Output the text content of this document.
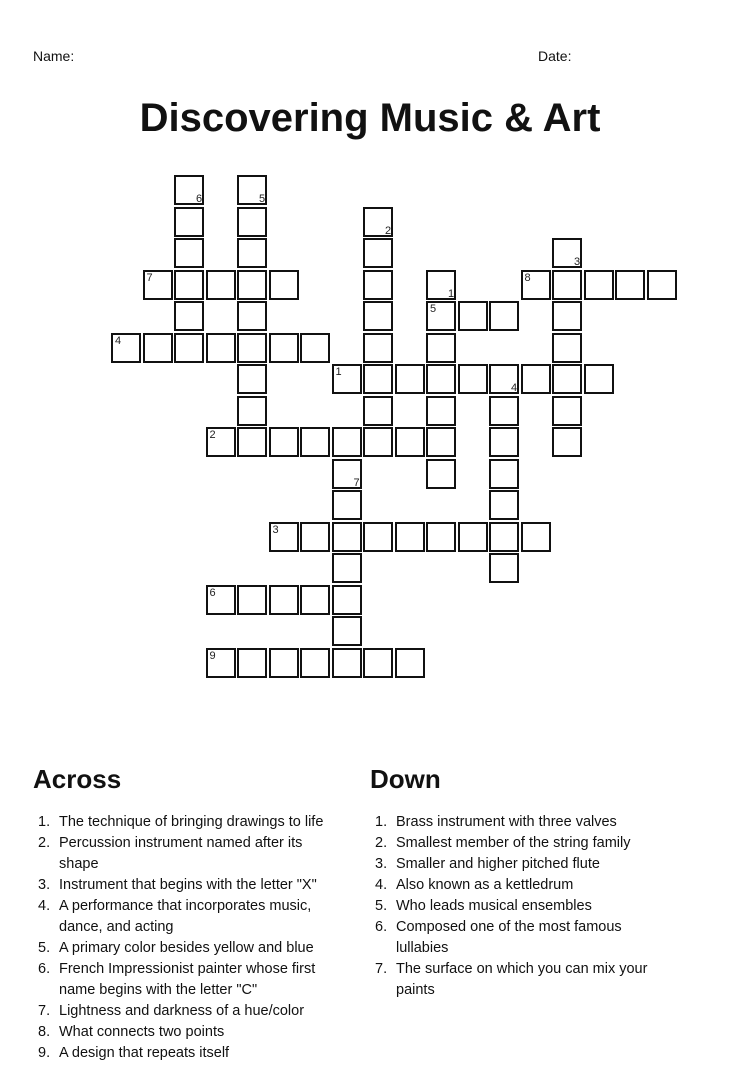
Name:	Date:
Discovering Music & Art
6	5
2
3
7
1
8
5
4
1
4
2
7
3
6
9
Across	Down
1. The technique of bringing drawings to life
2. Percussion instrument named after its shape
3. Instrument that begins with the letter "X"
4. A performance that incorporates music, dance, and acting
5. A primary color besides yellow and blue
6. French Impressionist painter whose first name begins with the letter "C"
7. Lightness and darkness of a hue/color
8. What connects two points
9. A design that repeats itself
1. Brass instrument with three valves
2. Smallest member of the string family
3. Smaller and higher pitched flute
4. Also known as a kettledrum
5. Who leads musical ensembles
6. Composed one of the most famous lullabies
7. The surface on which you can mix your paints
